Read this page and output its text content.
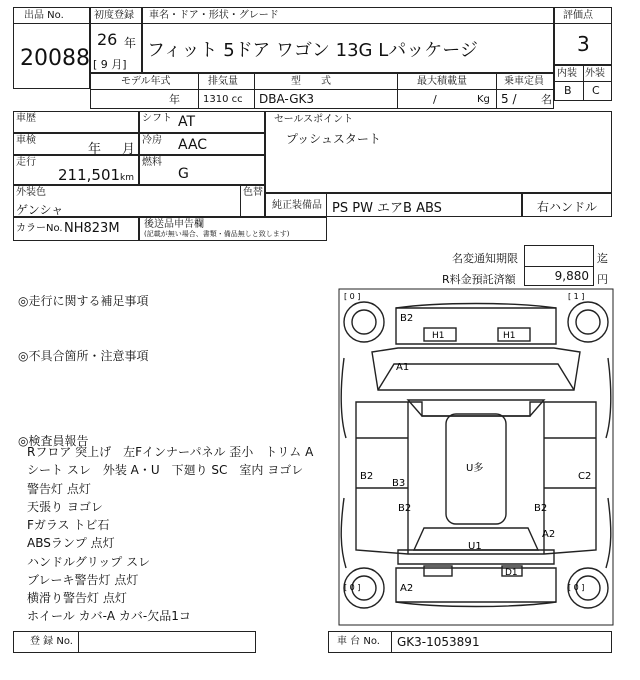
出品 No.
20088
初度登録
26 年
[ 9 月]
車名・ドア・形状・グレード
フィット 5ドア ワゴン 13G Lパッケージ
評価点
3
モデル年式
年
排気量
1310 cc
型　　式
DBA-GK3
最大積載量
/	Kg
乗車定員
5 / 名
内装 外装
B C
車歴	シフト AT
車検
年 月
冷房 AAC
走行
211,501 km
燃料
G
セールスポイント
プッシュスタート
外装色
ゲンシャ
色替
純正装備品 PS PW エアB ABS	右ハンドル
カラーNo. NH823M 後送品申告欄
(記載が無い場合、書類・備品無しと致します)
名変通知期限	迄
R料金預託済額	9,880 円
◎走行に関する補足事項
◎不具合箇所・注意事項
◎検査員報告
Rフロア 突上げ　左Fインナーパネル 歪小　トリム A
シート スレ　外装 A・U　下廻り SC　室内 ヨゴレ
警告灯 点灯
天張り ヨゴレ
Fガラス トビ石
ABSランプ 点灯
ハンドルグリップ スレ
ブレーキ警告灯 点灯
横滑り警告灯 点灯
ホイール カバ-A カバ-欠品1コ
[ 0 ]	[ 1 ]
[ 0 ]	[ 0 ]
B2
H1	H1
A1
B2
B3
U多
C2
B2	B2
A2
U1
D1
A2
登 録 No.	車 台 No. GK3-1053891
